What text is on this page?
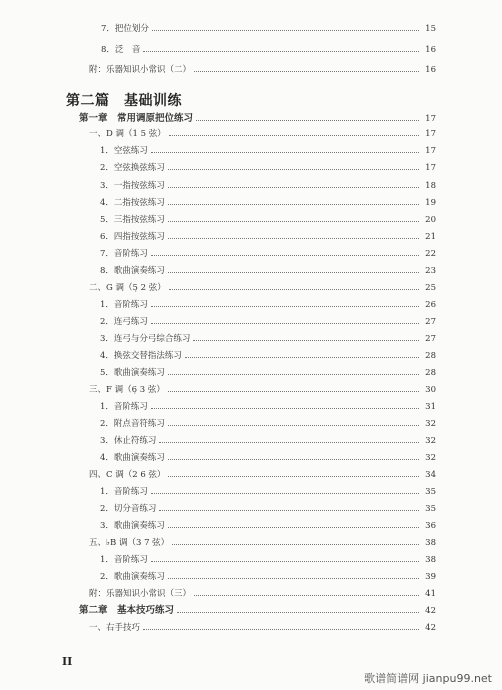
7．把位划分	15
8．泛　音	16
附：乐器知识小常识（二）	16
第二篇　基础训练
第一章　常用调原把位练习	17
一、D 调（1 5 弦）	17
1．空弦练习	17
2．空弦换弦练习	17
3．一指按弦练习	18
4．二指按弦练习	19
5．三指按弦练习	20
6．四指按弦练习	21
7．音阶练习	22
8．歌曲演奏练习	23
二、G 调（5̣ 2 弦）	25
1．音阶练习	26
2．连弓练习	27
3．连弓与分弓综合练习	27
4．换弦交替指法练习	28
5．歌曲演奏练习	28
三、F 调（6̣ 3 弦）	30
1．音阶练习	31
2．附点音符练习	32
3．休止符练习	32
4．歌曲演奏练习	32
四、C 调（2 6 弦）	34
1．音阶练习	35
2．切分音练习	35
3．歌曲演奏练习	36
五、♭B 调（3 7 弦）	38
1．音阶练习	38
2．歌曲演奏练习	39
附：乐器知识小常识（三）	41
第二章　基本技巧练习	42
一、右手技巧	42
II
歌谱简谱网 jianpu99.net
